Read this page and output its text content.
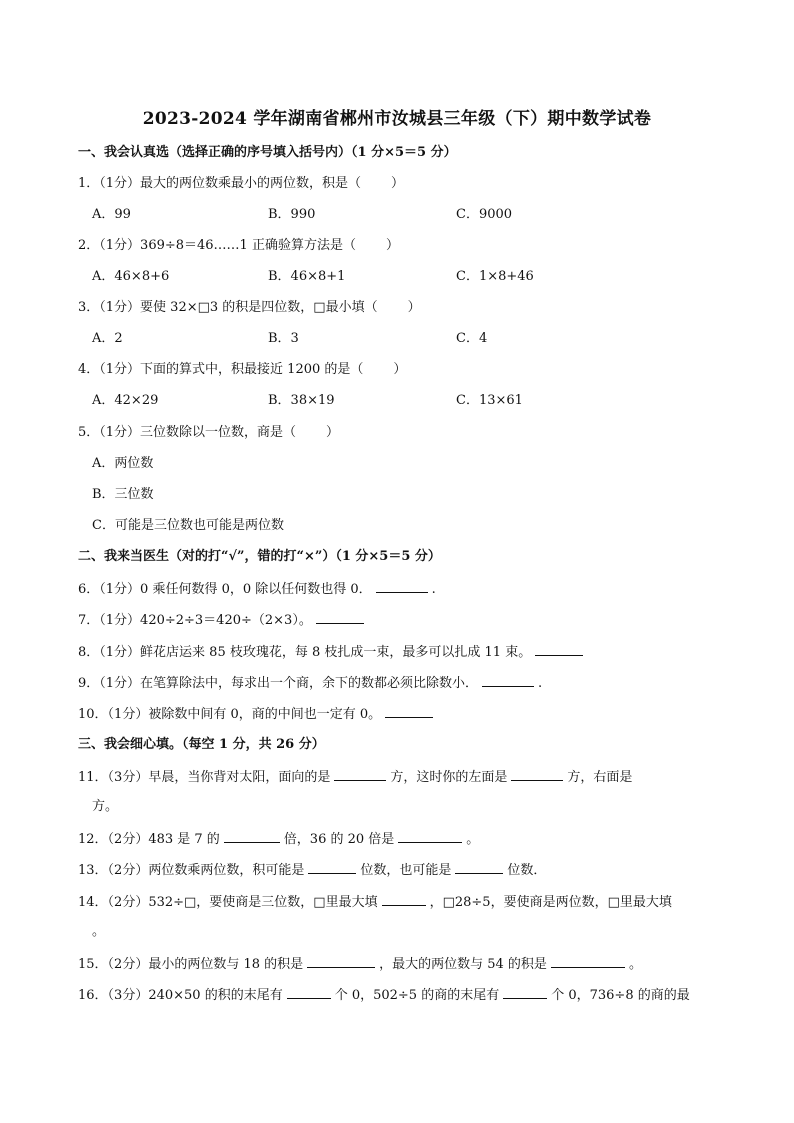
2023-2024 学年湖南省郴州市汝城县三年级（下）期中数学试卷
一、我会认真选（选择正确的序号填入括号内）（1 分×5＝5 分）
1．（1分）最大的两位数乘最小的两位数，积是（ ）
A．99	B．990	C．9000
2．（1分）369÷8＝46……1 正确验算方法是（ ）
A．46×8+6	B．46×8+1	C．1×8+46
3．（1分）要使 32×□3 的积是四位数，□最小填（ ）
A．2	B．3	C．4
4．（1分）下面的算式中，积最接近 1200 的是（ ）
A．42×29	B．38×19	C．13×61
5．（1分）三位数除以一位数，商是（ ）
A．两位数
B．三位数
C．可能是三位数也可能是两位数
二、我来当医生（对的打“√”，错的打“×”）（1 分×5＝5 分）
6．（1分）0 乘任何数得 0，0 除以任何数也得 0．	.
7．（1分）420÷2÷3＝420÷（2×3）。
8．（1分）鲜花店运来 85 枝玫瑰花，每 8 枝扎成一束，最多可以扎成 11 束。
9．（1分）在笔算除法中，每求出一个商，余下的数都必须比除数小．	.
10．（1分）被除数中间有 0，商的中间也一定有 0。
三、我会细心填。（每空 1 分，共 26 分）
11．（3分）早晨，当你背对太阳，面向的是	方，这时你的左面是	方，右面是
方。
12．（2分）483 是 7 的	倍，36 的 20 倍是	。
13．（2分）两位数乘两位数，积可能是	位数，也可能是	位数．
14．（2分）532÷□，要使商是三位数，□里最大填	，□28÷5，要使商是两位数，□里最大填
。
15．（2分）最小的两位数与 18 的积是	，最大的两位数与 54 的积是	。
16．（3分）240×50 的积的末尾有	个 0，502÷5 的商的末尾有	个 0，736÷8 的商的最
